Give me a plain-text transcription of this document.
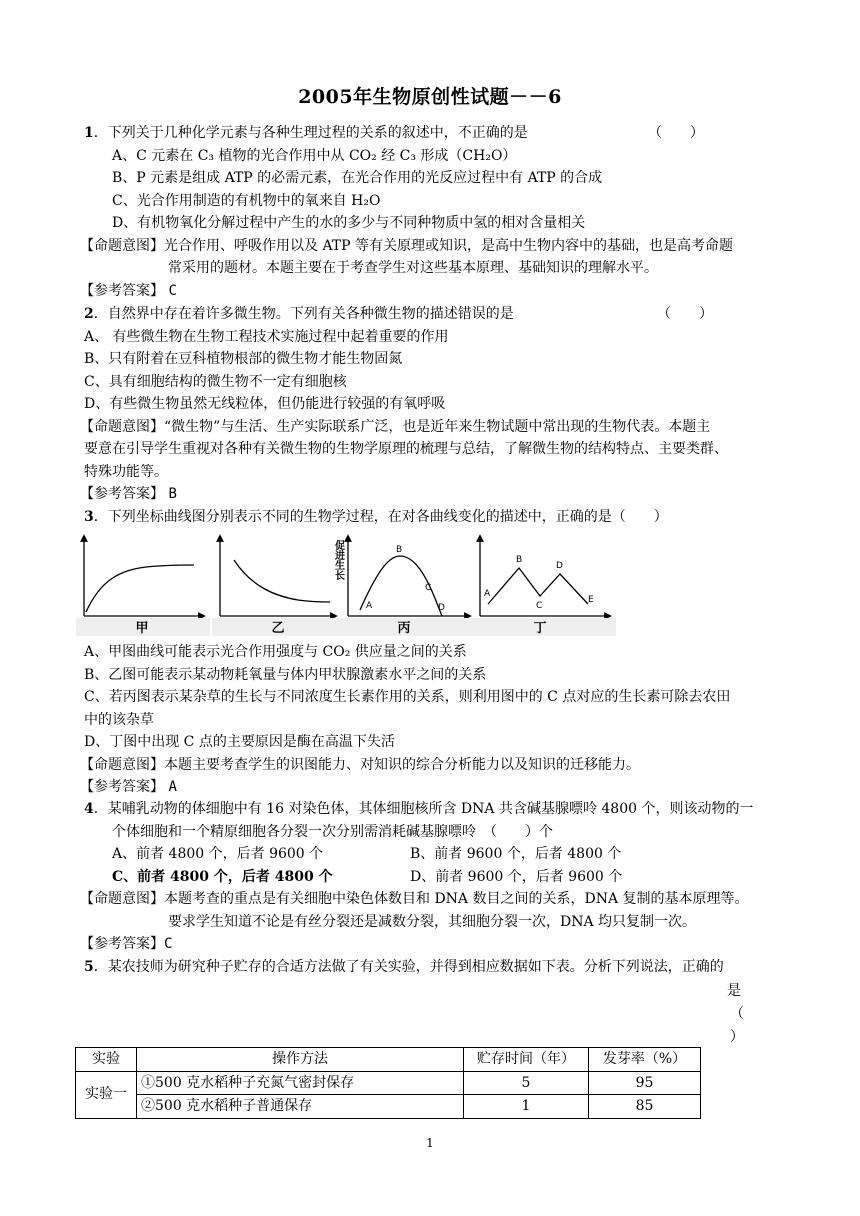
2005年生物原创性试题－－6
1．下列关于几种化学元素与各种生理过程的关系的叙述中，不正确的是
A、C 元素在 C₃ 植物的光合作用中从 CO₂ 经 C₃ 形成（CH₂O）
B、P 元素是组成 ATP 的必需元素，在光合作用的光反应过程中有 ATP 的合成
C、光合作用制造的有机物中的氧来自 H₂O
D、有机物氧化分解过程中产生的水的多少与不同种物质中氢的相对含量相关
【命题意图】光合作用、呼吸作用以及 ATP 等有关原理或知识，是高中生物内容中的基础，也是高考命题
常采用的题材。本题主要在于考查学生对这些基本原理、基础知识的理解水平。
【参考答案】 C
（　　）
2．自然界中存在着许多微生物。下列有关各种微生物的描述错误的是
A、 有些微生物在生物工程技术实施过程中起着重要的作用
B、只有附着在豆科植物根部的微生物才能生物固氮
C、具有细胞结构的微生物不一定有细胞核
D、有些微生物虽然无线粒体，但仍能进行较强的有氧呼吸
【命题意图】“微生物”与生活、生产实际联系广泛，也是近年来生物试题中常出现的生物代表。本题主
要意在引导学生重视对各种有关微生物的生物学原理的梳理与总结，了解微生物的结构特点、主要类群、
特殊功能等。
【参考答案】 B
（　　）
3．下列坐标曲线图分别表示不同的生物学过程，在对各曲线变化的描述中，正确的是（　　）
甲	乙	丙	丁
促进生长
A
B
C
D
A
B
C
D
E
A、甲图曲线可能表示光合作用强度与 CO₂ 供应量之间的关系
B、乙图可能表示某动物耗氧量与体内甲状腺激素水平之间的关系
C、若丙图表示某杂草的生长与不同浓度生长素作用的关系，则利用图中的 C 点对应的生长素可除去农田
中的该杂草
D、丁图中出现 C 点的主要原因是酶在高温下失活
【命题意图】本题主要考查学生的识图能力、对知识的综合分析能力以及知识的迁移能力。
【参考答案】 A
4．某哺乳动物的体细胞中有 16 对染色体，其体细胞核所含 DNA 共含碱基腺嘌呤 4800 个，则该动物的一
个体细胞和一个精原细胞各分裂一次分别需消耗碱基腺嘌呤　（　　）个
A、前者 4800 个，后者 9600 个	B、前者 9600 个，后者 4800 个
C、前者 4800 个，后者 4800 个	D、前者 9600 个，后者 9600 个
【命题意图】本题考查的重点是有关细胞中染色体数目和 DNA 数目之间的关系，DNA 复制的基本原理等。
要求学生知道不论是有丝分裂还是减数分裂，其细胞分裂一次，DNA 均只复制一次。
【参考答案】C
5．某农技师为研究种子贮存的合适方法做了有关实验，并得到相应数据如下表。分析下列说法，正确的
是
（
）
实验	操作方法	贮存时间（年）	发芽率（%）
实验一	①500 克水稻种子充氮气密封保存	5	95
	②500 克水稻种子普通保存	1	85
1
